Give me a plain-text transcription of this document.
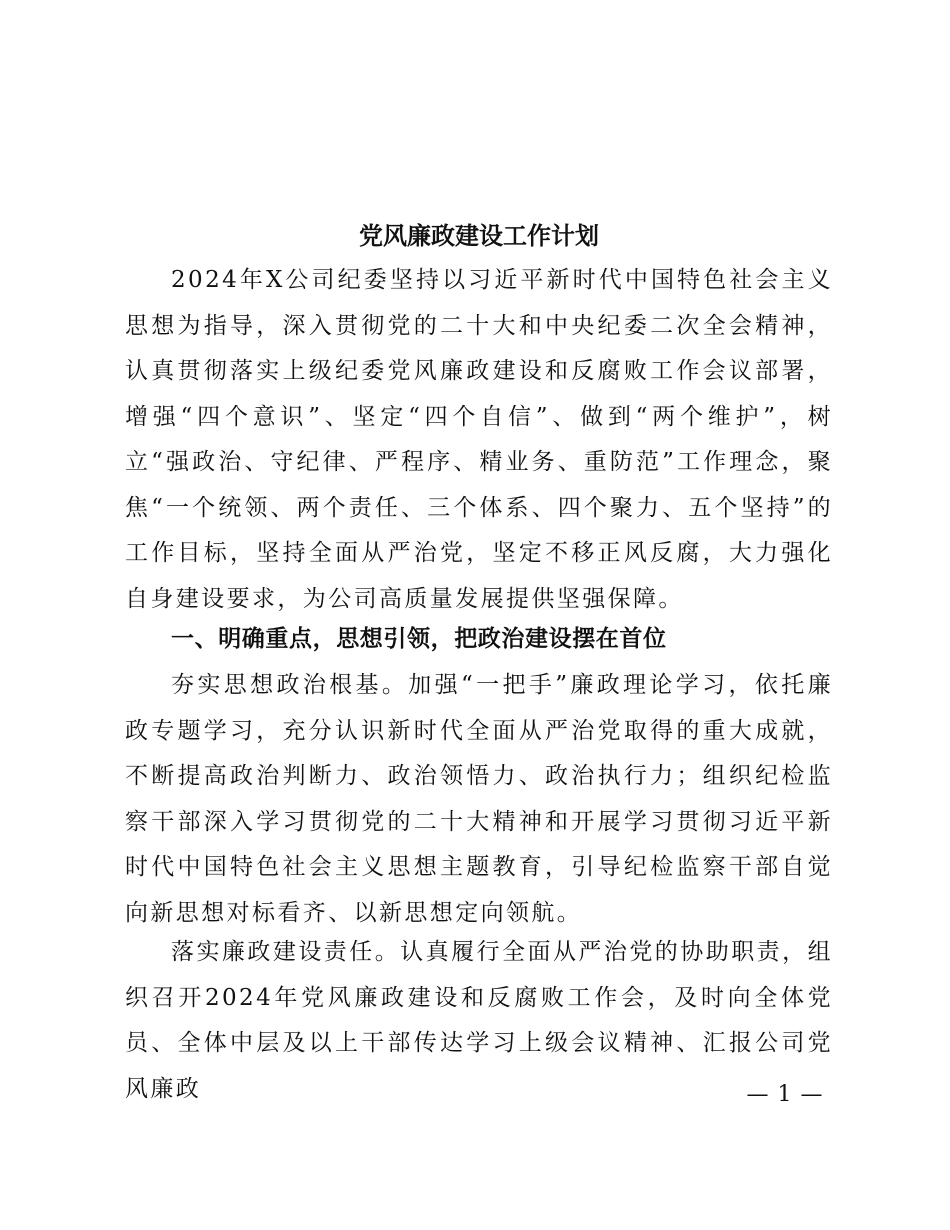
党风廉政建设工作计划

2024年X公司纪委坚持以习近平新时代中国特色社会主义思想为指导，深入贯彻党的二十大和中央纪委二次全会精神，认真贯彻落实上级纪委党风廉政建设和反腐败工作会议部署，增强“四个意识”、坚定“四个自信”、做到“两个维护”，树立“强政治、守纪律、严程序、精业务、重防范”工作理念，聚焦“一个统领、两个责任、三个体系、四个聚力、五个坚持”的工作目标，坚持全面从严治党，坚定不移正风反腐，大力强化自身建设要求，为公司高质量发展提供坚强保障。

一、明确重点，思想引领，把政治建设摆在首位

夯实思想政治根基。加强“一把手”廉政理论学习，依托廉政专题学习，充分认识新时代全面从严治党取得的重大成就，不断提高政治判断力、政治领悟力、政治执行力；组织纪检监察干部深入学习贯彻党的二十大精神和开展学习贯彻习近平新时代中国特色社会主义思想主题教育，引导纪检监察干部自觉向新思想对标看齐、以新思想定向领航。

落实廉政建设责任。认真履行全面从严治党的协助职责，组织召开2024年党风廉政建设和反腐败工作会，及时向全体党员、全体中层及以上干部传达学习上级会议精神、汇报公司党风廉政	— 1 —
